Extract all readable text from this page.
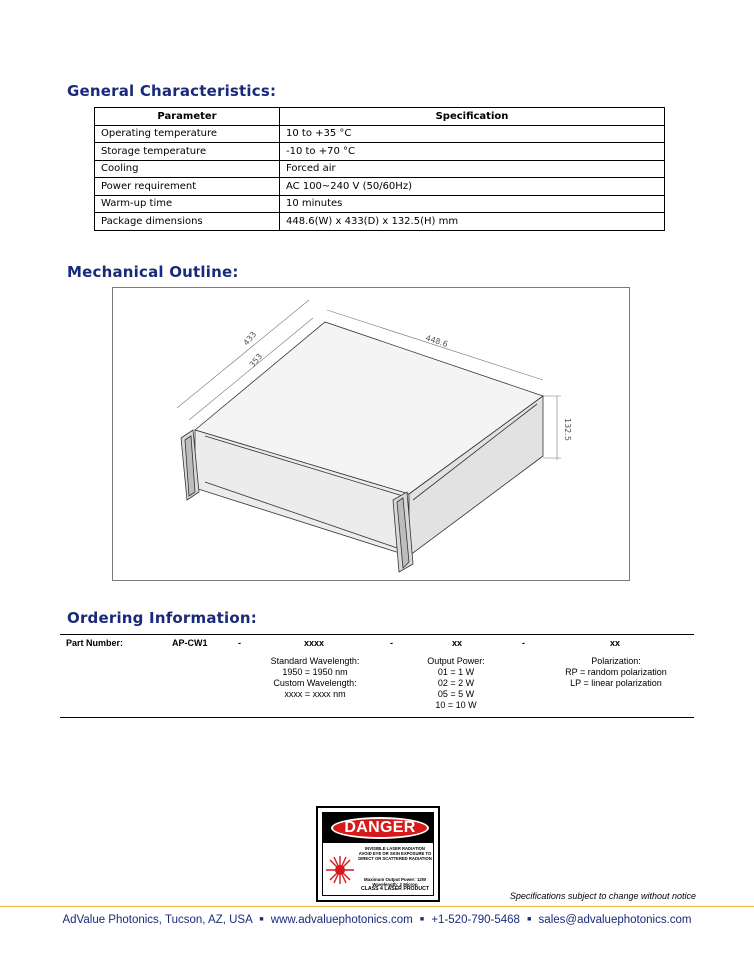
General Characteristics:
Parameter	Specification
Operating temperature	10 to +35 °C
Storage temperature	-10 to +70 °C
Cooling	Forced air
Power requirement	AC 100~240 V (50/60Hz)
Warm-up time	10 minutes
Package dimensions	448.6(W) x 433(D) x 132.5(H) mm
Mechanical Outline:
433
353
448.6
132.5
Ordering Information:
Part Number:	AP-CW1	-	xxxx	-	xx	-	xx
Standard Wavelength:
1950 = 1950 nm
Custom Wavelength:
xxxx = xxxx nm
Output Power:
01 = 1 W
02 = 2 W
05 = 5 W
10 = 10 W
Polarization:
RP = random polarization
LP = linear polarization
DANGER
INVISIBLE LASER RADIATION
AVOID EYE OR SKIN EXPOSURE TO
DIRECT OR SCATTERED RADIATION
Maximum Output Power: 12W
Wavelength: 2 Micron
CLASS 4 LASER PRODUCT
Specifications subject to change without notice
AdValue Photonics, Tucson, AZ, USA ■ www.advaluephotonics.com ■ +1-520-790-5468 ■ sales@advaluephotonics.com
